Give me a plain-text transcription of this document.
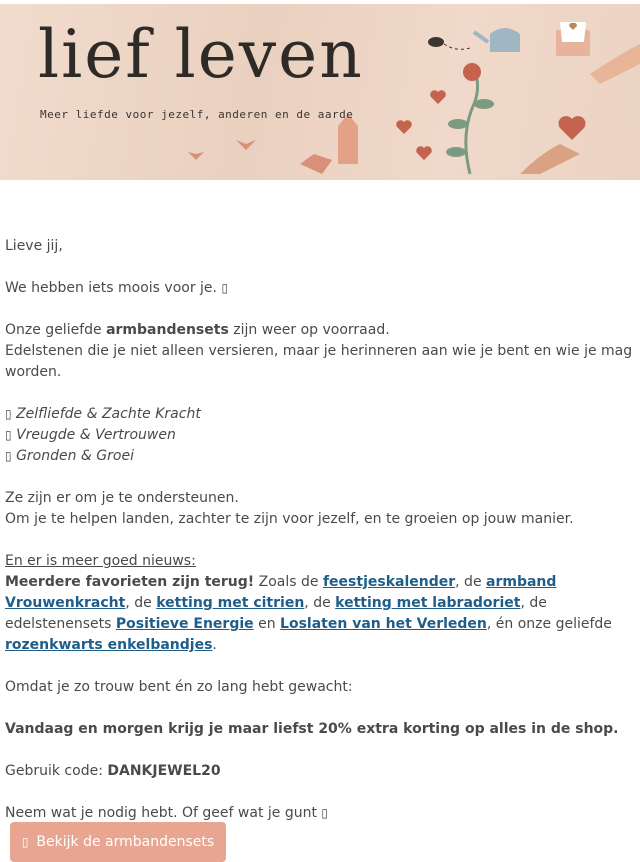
lief leven
Meer liefde voor jezelf, anderen en de aarde

Lieve jij,

We hebben iets moois voor je. ▯

Onze geliefde armbandensets zijn weer op voorraad.

Edelstenen die je niet alleen versieren, maar je herinneren aan wie je bent en wie je mag worden.

▯ Zelfliefde & Zachte Kracht

▯ Vreugde & Vertrouwen

▯ Gronden & Groei

Ze zijn er om je te ondersteunen.

Om je te helpen landen, zachter te zijn voor jezelf, en te groeien op jouw manier.

En er is meer goed nieuws:

Meerdere favorieten zijn terug! Zoals de feestjeskalender, de armband Vrouwenkracht, de ketting met citrien, de ketting met labradoriet, de edelstenensets Positieve Energie en Loslaten van het Verleden, én onze geliefde rozenkwarts enkelbandjes.

Omdat je zo trouw bent én zo lang hebt gewacht:

Vandaag en morgen krijg je maar liefst 20% extra korting op alles in de shop.

Gebruik code: DANKJEWEL20

Neem wat je nodig hebt. Of geef wat je gunt ▯

▯ Bekijk de armbandensets
